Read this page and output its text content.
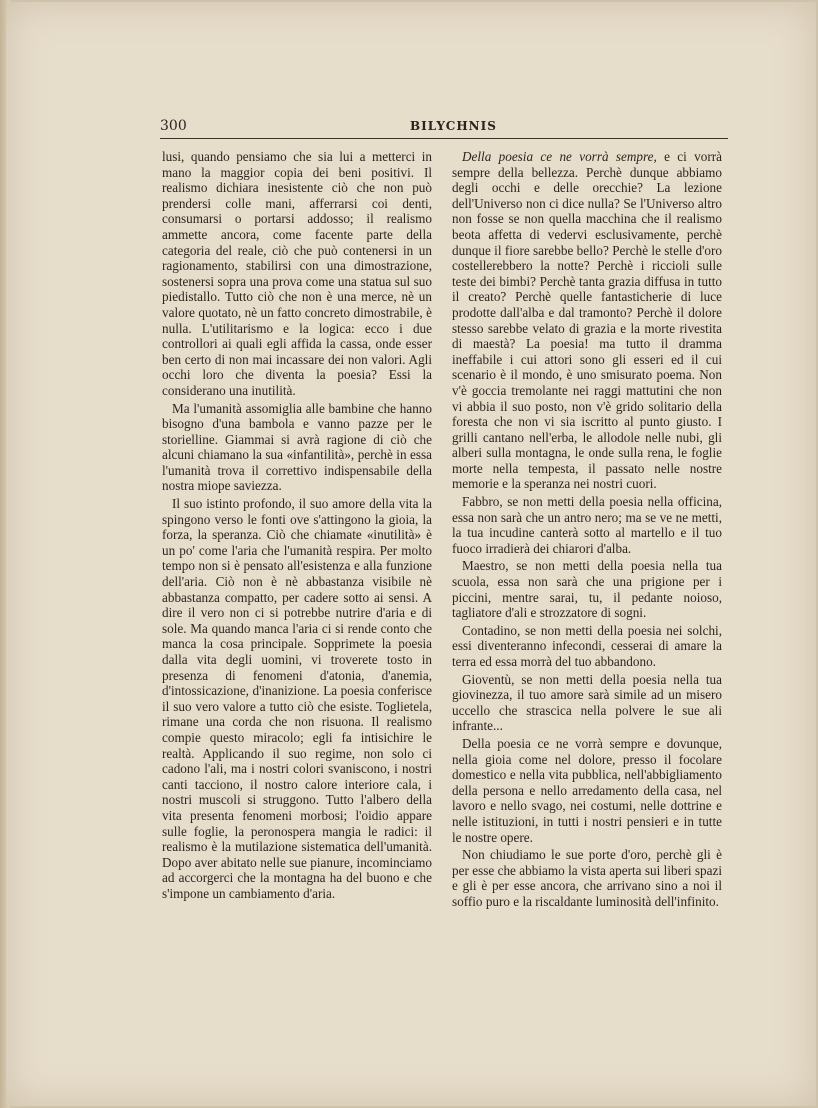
300	BILYCHNIS

lusi, quando pensiamo che sia lui a metterci in mano la maggior copia dei beni positivi. Il realismo dichiara inesistente ciò che non può prendersi colle mani, afferrarsi coi denti, consumarsi o portarsi addosso; il realismo ammette ancora, come facente parte della categoria del reale, ciò che può contenersi in un ragionamento, stabilirsi con una dimostrazione, sostenersi sopra una prova come una statua sul suo piedistallo. Tutto ciò che non è una merce, nè un valore quotato, nè un fatto concreto dimostrabile, è nulla. L'utilitarismo e la logica: ecco i due controllori ai quali egli affida la cassa, onde esser ben certo di non mai incassare dei non valori. Agli occhi loro che diventa la poesia? Essi la considerano una inutilità.

Ma l'umanità assomiglia alle bambine che hanno bisogno d'una bambola e vanno pazze per le storielline. Giammai si avrà ragione di ciò che alcuni chiamano la sua «infantilità», perchè in essa l'umanità trova il correttivo indispensabile della nostra miope saviezza.

Il suo istinto profondo, il suo amore della vita la spingono verso le fonti ove s'attingono la gioia, la forza, la speranza. Ciò che chiamate «inutilità» è un po' come l'aria che l'umanità respira. Per molto tempo non si è pensato all'esistenza e alla funzione dell'aria. Ciò non è nè abbastanza visibile nè abbastanza compatto, per cadere sotto ai sensi. A dire il vero non ci si potrebbe nutrire d'aria e di sole. Ma quando manca l'aria ci si rende conto che manca la cosa principale. Sopprimete la poesia dalla vita degli uomini, vi troverete tosto in presenza di fenomeni d'atonia, d'anemia, d'intossicazione, d'inanizione. La poesia conferisce il suo vero valore a tutto ciò che esiste. Toglietela, rimane una corda che non risuona. Il realismo compie questo miracolo; egli fa intisichire le realtà. Applicando il suo regime, non solo ci cadono l'ali, ma i nostri colori svaniscono, i nostri canti tacciono, il nostro calore interiore cala, i nostri muscoli si struggono. Tutto l'albero della vita presenta fenomeni morbosi; l'oidio appare sulle foglie, la peronospera mangia le radici: il realismo è la mutilazione sistematica dell'umanità. Dopo aver abitato nelle sue pianure, incominciamo ad accorgerci che la montagna ha del buono e che s'impone un cambiamento d'aria.

Della poesia ce ne vorrà sempre, e ci vorrà sempre della bellezza. Perchè dunque abbiamo degli occhi e delle orecchie? La lezione dell'Universo non ci dice nulla? Se l'Universo altro non fosse se non quella macchina che il realismo beota affetta di vedervi esclusivamente, perchè dunque il fiore sarebbe bello? Perchè le stelle d'oro costellerebbero la notte? Perchè i riccioli sulle teste dei bimbi? Perchè tanta grazia diffusa in tutto il creato? Perchè quelle fantasticherie di luce prodotte dall'alba e dal tramonto? Perchè il dolore stesso sarebbe velato di grazia e la morte rivestita di maestà? La poesia! ma tutto il dramma ineffabile i cui attori sono gli esseri ed il cui scenario è il mondo, è uno smisurato poema. Non v'è goccia tremolante nei raggi mattutini che non vi abbia il suo posto, non v'è grido solitario della foresta che non vi sia iscritto al punto giusto. I grilli cantano nell'erba, le allodole nelle nubi, gli alberi sulla montagna, le onde sulla rena, le foglie morte nella tempesta, il passato nelle nostre memorie e la speranza nei nostri cuori.

Fabbro, se non metti della poesia nella officina, essa non sarà che un antro nero; ma se ve ne metti, la tua incudine canterà sotto al martello e il tuo fuoco irradierà dei chiarori d'alba.

Maestro, se non metti della poesia nella tua scuola, essa non sarà che una prigione per i piccini, mentre sarai, tu, il pedante noioso, tagliatore d'ali e strozzatore di sogni.

Contadino, se non metti della poesia nei solchi, essi diventeranno infecondi, cesserai di amare la terra ed essa morrà del tuo abbandono.

Gioventù, se non metti della poesia nella tua giovinezza, il tuo amore sarà simile ad un misero uccello che strascica nella polvere le sue ali infrante...

Della poesia ce ne vorrà sempre e dovunque, nella gioia come nel dolore, presso il focolare domestico e nella vita pubblica, nell'abbigliamento della persona e nello arredamento della casa, nel lavoro e nello svago, nei costumi, nelle dottrine e nelle istituzioni, in tutti i nostri pensieri e in tutte le nostre opere.

Non chiudiamo le sue porte d'oro, perchè gli è per esse che abbiamo la vista aperta sui liberi spazi e gli è per esse ancora, che arrivano sino a noi il soffio puro e la riscaldante luminosità dell'infinito.
